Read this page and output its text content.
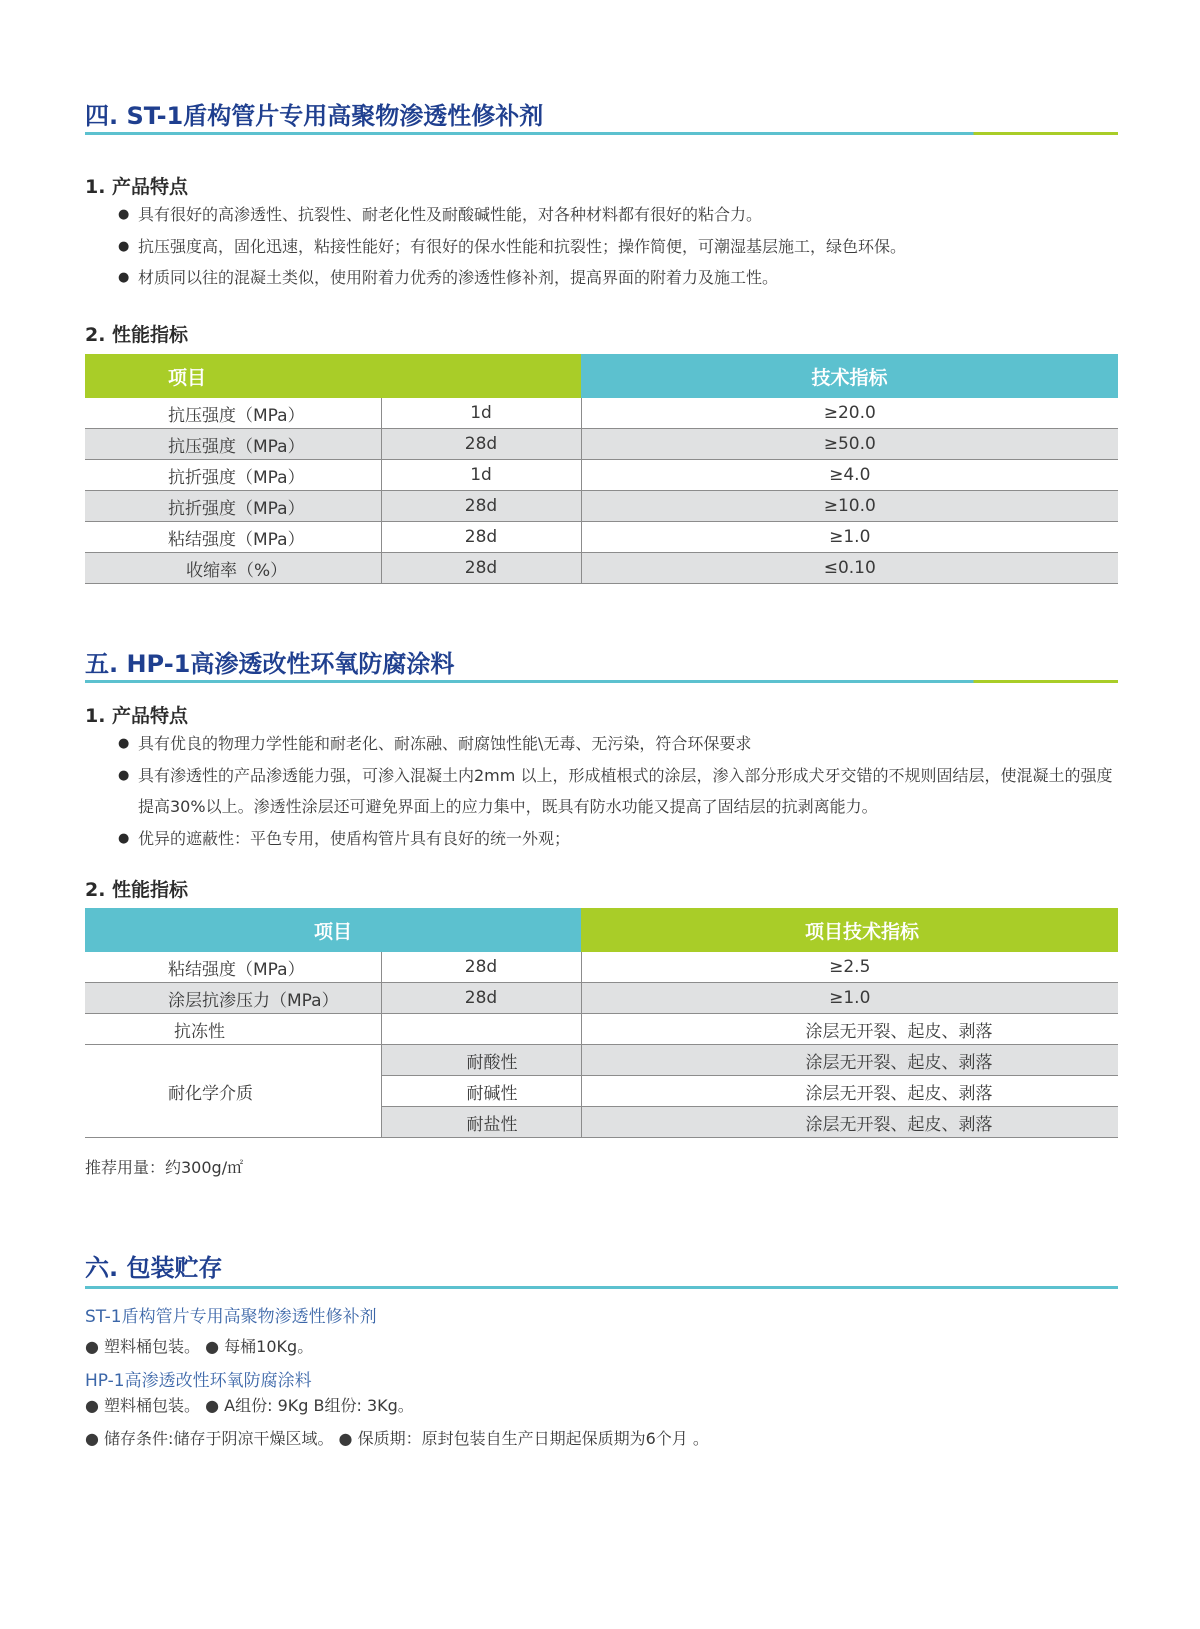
四. ST-1盾构管片专用高聚物渗透性修补剂
1. 产品特点
● 具有很好的高渗透性、抗裂性、耐老化性及耐酸碱性能，对各种材料都有很好的粘合力。
● 抗压强度高，固化迅速，粘接性能好；有很好的保水性能和抗裂性；操作简便，可潮湿基层施工，绿色环保。
● 材质同以往的混凝土类似，使用附着力优秀的渗透性修补剂，提高界面的附着力及施工性。
2. 性能指标
项目		技术指标
抗压强度（MPa）	1d	≥20.0
抗压强度（MPa）	28d	≥50.0
抗折强度（MPa）	1d	≥4.0
抗折强度（MPa）	28d	≥10.0
粘结强度（MPa）	28d	≥1.0
收缩率（%）	28d	≤0.10
五. HP-1高渗透改性环氧防腐涂料
1. 产品特点
● 具有优良的物理力学性能和耐老化、耐冻融、耐腐蚀性能\无毒、无污染，符合环保要求
● 具有渗透性的产品渗透能力强，可渗入混凝土内2mm 以上，形成植根式的涂层，渗入部分形成犬牙交错的不规则固结层，使混凝土的强度提高30%以上。渗透性涂层还可避免界面上的应力集中，既具有防水功能又提高了固结层的抗剥离能力。
● 优异的遮蔽性：平色专用，使盾构管片具有良好的统一外观；
2. 性能指标
项目		项目技术指标
粘结强度（MPa）	28d	≥2.5
涂层抗渗压力（MPa）	28d	≥1.0
抗冻性		涂层无开裂、起皮、剥落
耐化学介质	耐酸性	涂层无开裂、起皮、剥落
	耐碱性	涂层无开裂、起皮、剥落
	耐盐性	涂层无开裂、起皮、剥落

推荐用量：约300g/㎡

六. 包装贮存

ST-1盾构管片专用高聚物渗透性修补剂

● 塑料桶包装。 ● 每桶10Kg。

HP-1高渗透改性环氧防腐涂料

● 塑料桶包装。 ● A组份: 9Kg B组份: 3Kg。

● 储存条件:储存于阴凉干燥区域。 ● 保质期：原封包装自生产日期起保质期为6个月 。
